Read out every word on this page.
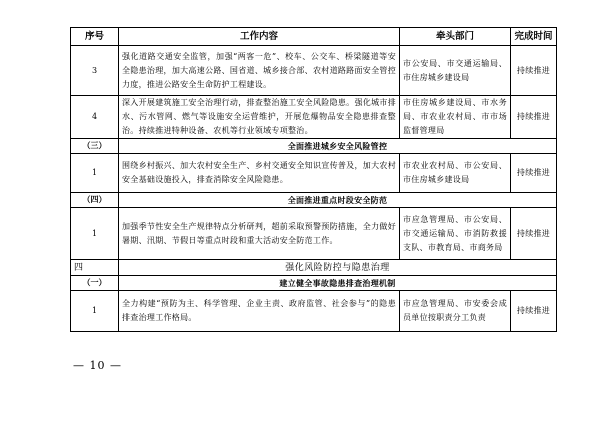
序号	工作内容	牵头部门	完成时间
3	强化道路交通安全监管，加强“两客一危”、校车、公交车、桥梁隧道等安全隐患治理，加大高速公路、国省道、城乡接合部、农村道路路面安全管控力度，推进公路安全生命防护工程建设。	市公安局、市交通运输局、市住房城乡建设局	持续推进
4	深入开展建筑施工安全治理行动，排查整治施工安全风险隐患。强化城市排水、污水管网、燃气等设施安全运营维护，开展危爆物品安全隐患排查整治。持续推进特种设备、农机等行业领域专项整治。	市住房城乡建设局、市水务局、市农业农村局、市市场监督管理局	持续推进
（三）	全面推进城乡安全风险管控		
1	围绕乡村振兴、加大农村安全生产、乡村交通安全知识宣传普及，加大农村安全基础设施投入，排查消除安全风险隐患。	市农业农村局、市公安局、市住房城乡建设局	持续推进
（四）	全面推进重点时段安全防范		
1	加强季节性安全生产规律特点分析研判，超前采取预警预防措施，全力做好暑期、汛期、节假日等重点时段和重大活动安全防范工作。	市应急管理局、市公安局、市交通运输局、市消防救援支队、市教育局、市商务局	持续推进
四	强化风险防控与隐患治理		
（一）	建立健全事故隐患排查治理机制		
1	全力构建“预防为主、科学管理、企业主责、政府监管、社会参与”的隐患排查治理工作格局。	市应急管理局、市安委会成员单位按职责分工负责	持续推进
— 10 —
